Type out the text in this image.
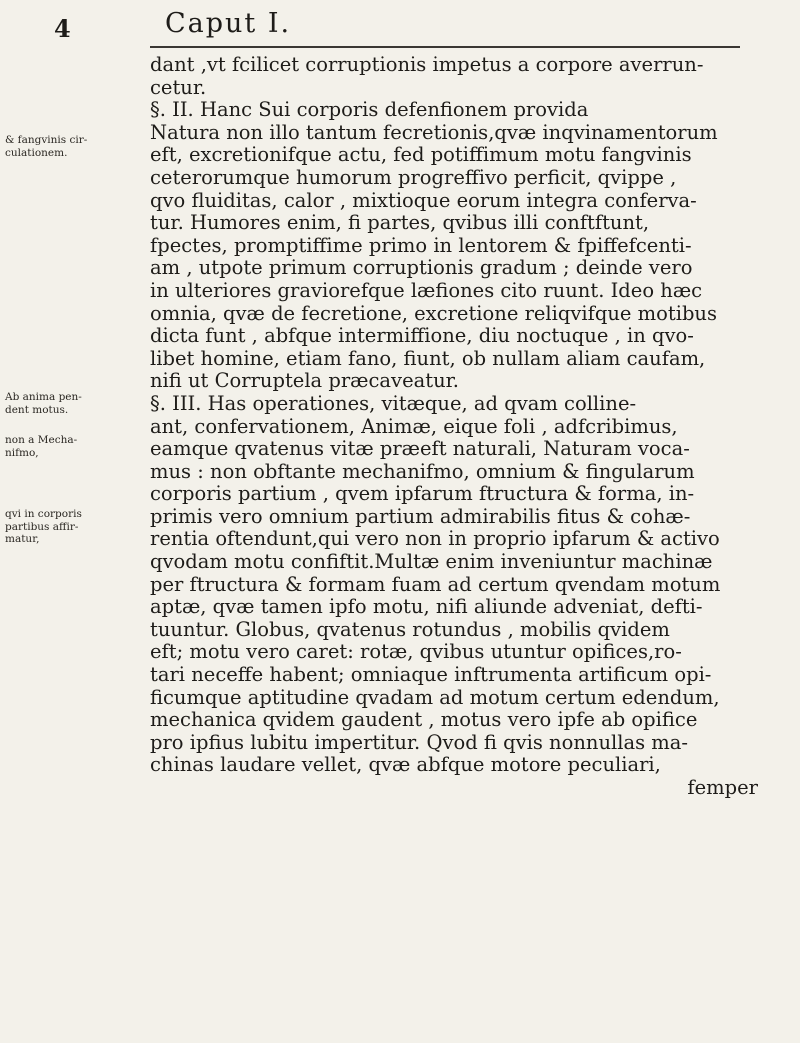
4	Caput I.
dant ,vt fcilicet corruptionis impetus a corpore averrun-
cetur.
§. II. Hanc Sui corporis defenfionem provida
Natura non illo tantum fecretionis,qvæ inqvinamentorum
eft, excretionifque actu, fed potiffimum motu fangvinis
ceterorumque humorum progreffivo perficit, qvippe ,
qvo fluiditas, calor , mixtioque eorum integra conferva-
tur. Humores enim, fi partes, qvibus illi conftftunt,
fpectes, promptiffime primo in lentorem & fpiffefcenti-
am , utpote primum corruptionis gradum ; deinde vero
in ulteriores graviorefque læfiones cito ruunt. Ideo hæc
omnia, qvæ de fecretione, excretione reliqvifque motibus
dicta funt , abfque intermiffione, diu noctuque , in qvo-
libet homine, etiam fano, fiunt, ob nullam aliam caufam,
nifi ut Corruptela præcaveatur.
§. III. Has operationes, vitæque, ad qvam colline-
ant, confervationem, Animæ, eique foli , adfcribimus,
eamque qvatenus vitæ præeft naturali, Naturam voca-
mus : non obftante mechanifmo, omnium & fingularum
corporis partium , qvem ipfarum ftructura & forma, in-
primis vero omnium partium admirabilis fitus & cohæ-
rentia oftendunt,qui vero non in proprio ipfarum & activo
qvodam motu confiftit.Multæ enim inveniuntur machinæ
per ftructura & formam fuam ad certum qvendam motum
aptæ, qvæ tamen ipfo motu, nifi aliunde adveniat, defti-
tuuntur. Globus, qvatenus rotundus , mobilis qvidem
eft; motu vero caret: rotæ, qvibus utuntur opifices,ro-
tari neceffe habent; omniaque inftrumenta artificum opi-
ficumque aptitudine qvadam ad motum certum edendum,
mechanica qvidem gaudent , motus vero ipfe ab opifice
pro ipfius lubitu impertitur. Qvod fi qvis nonnullas ma-
chinas laudare vellet, qvæ abfque motore peculiari,
femper
& fangvinis cir-
culationem.
Ab anima pen-
dent motus.
non a Mecha-
nifmo,
qvi in corporis
partibus affir-
matur,
